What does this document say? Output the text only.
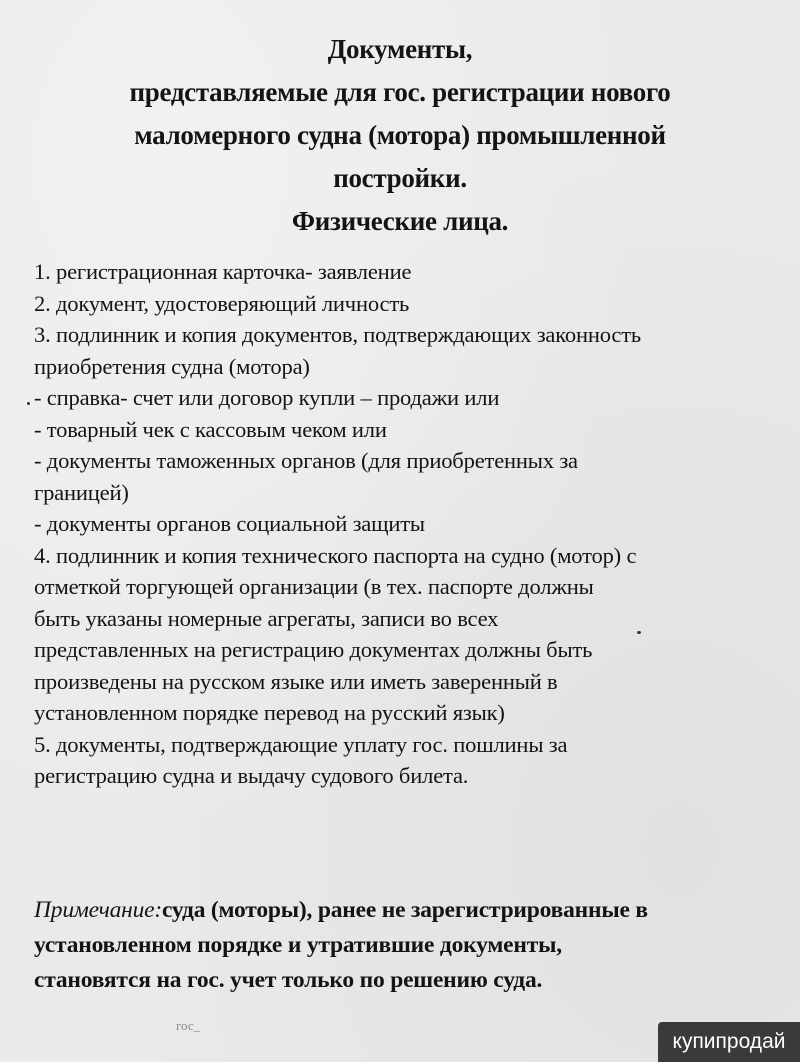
Документы,
представляемые для гос. регистрации нового
маломерного судна (мотора) промышленной
постройки.
Физические лица.
1. регистрационная карточка- заявление
2. документ, удостоверяющий личность
3. подлинник и копия документов, подтверждающих законность
приобретения судна (мотора)
- справка- счет или договор купли – продажи или
- товарный чек с кассовым чеком или
- документы таможенных органов (для приобретенных за
границей)
- документы органов социальной защиты
4. подлинник и копия технического паспорта на судно (мотор) с
отметкой торгующей организации (в тех. паспорте должны
быть указаны номерные агрегаты, записи во всех
представленных на регистрацию документах должны быть
произведены на русском языке или иметь заверенный в
установленном порядке перевод на русский язык)
5. документы, подтверждающие уплату гос. пошлины за
регистрацию судна и выдачу судового билета.
Примечание:суда (моторы), ранее не зарегистрированные в
установленном порядке и утратившие документы,
становятся на гос. учет только по решению суда.
гос_
купипродай
